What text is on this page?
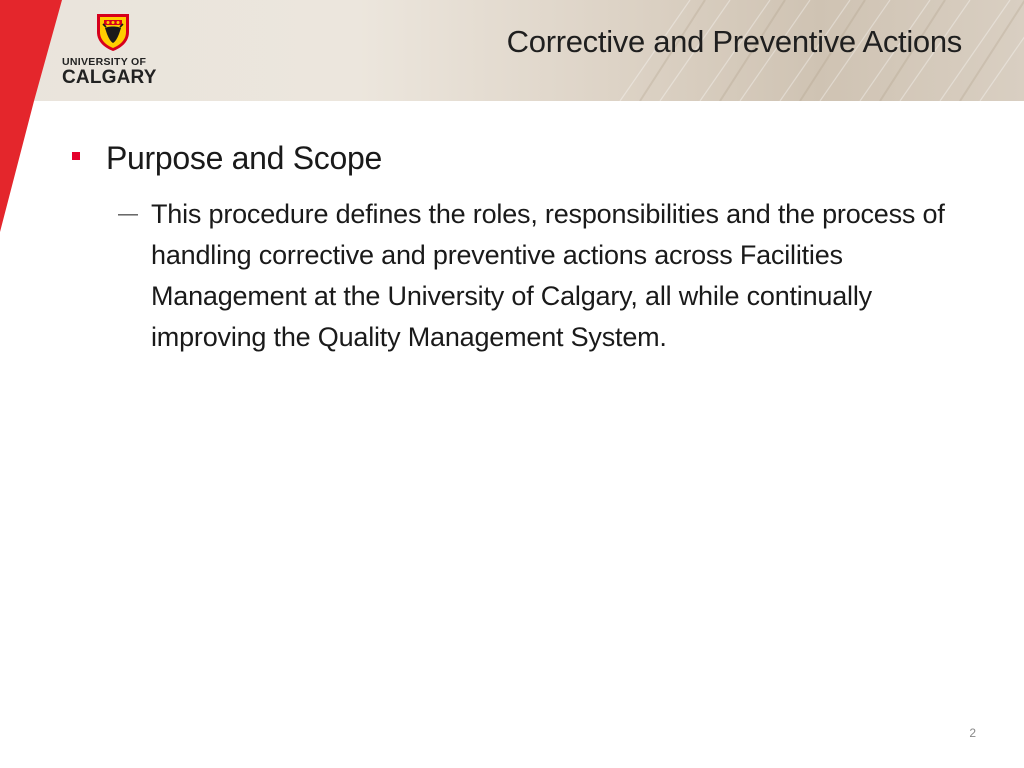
UNIVERSITY OF
CALGARY
Corrective and Preventive Actions
Purpose and Scope
— This procedure defines the roles, responsibilities and the process of handling corrective and preventive actions across Facilities Management at the University of Calgary, all while continually improving the Quality Management System.
2
